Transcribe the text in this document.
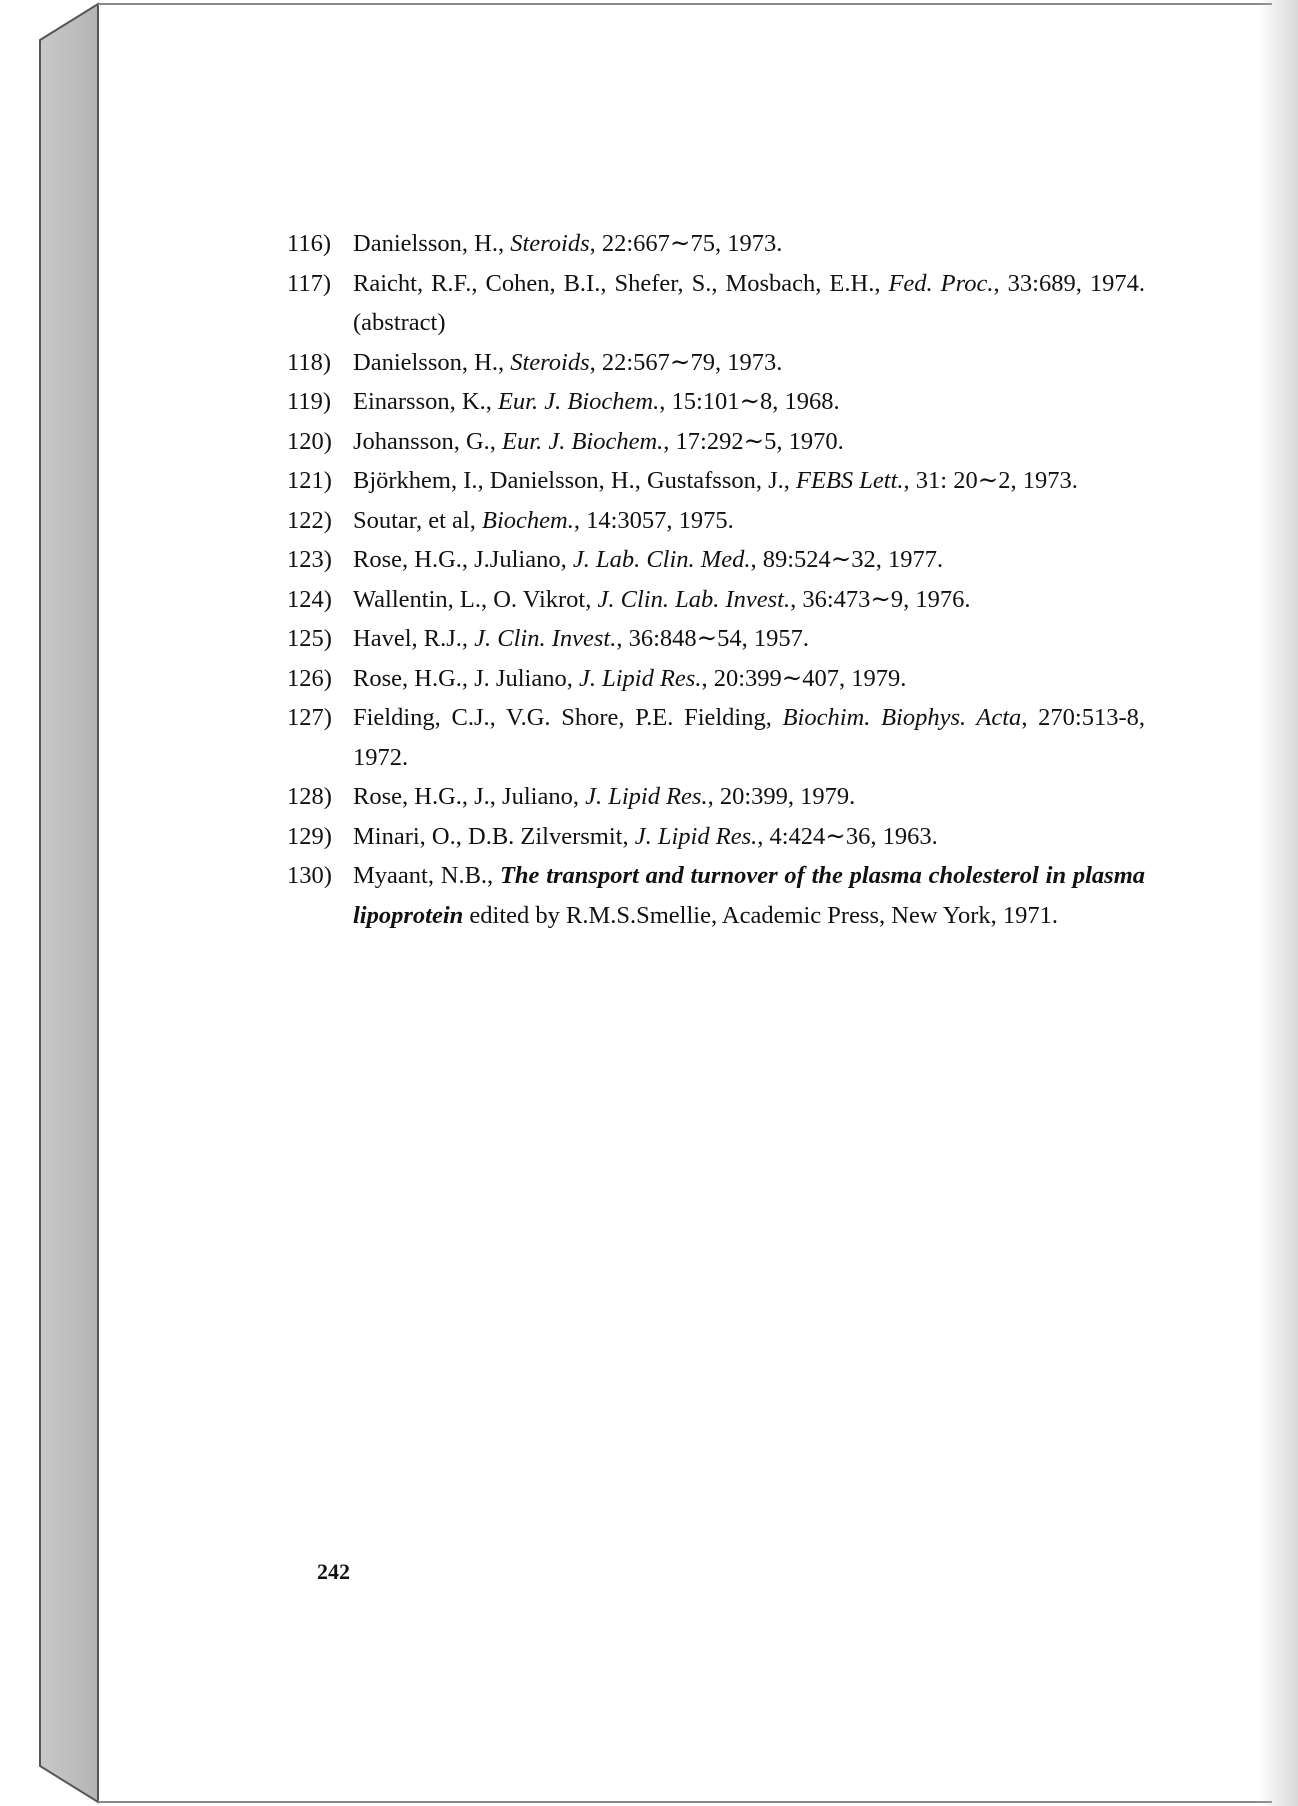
116) Danielsson, H., Steroids, 22:667∼75, 1973.
117) Raicht, R.F., Cohen, B.I., Shefer, S., Mosbach, E.H., Fed. Proc., 33:689, 1974. (abstract)
118) Danielsson, H., Steroids, 22:567∼79, 1973.
119) Einarsson, K., Eur. J. Biochem., 15:101∼8, 1968.
120) Johansson, G., Eur. J. Biochem., 17:292∼5, 1970.
121) Björkhem, I., Danielsson, H., Gustafsson, J., FEBS Lett., 31: 20∼2, 1973.
122) Soutar, et al, Biochem., 14:3057, 1975.
123) Rose, H.G., J.Juliano, J. Lab. Clin. Med., 89:524∼32, 1977.
124) Wallentin, L., O. Vikrot, J. Clin. Lab. Invest., 36:473∼9, 1976.
125) Havel, R.J., J. Clin. Invest., 36:848∼54, 1957.
126) Rose, H.G., J. Juliano, J. Lipid Res., 20:399∼407, 1979.
127) Fielding, C.J., V.G. Shore, P.E. Fielding, Biochim. Biophys. Acta, 270:513-8, 1972.
128) Rose, H.G., J., Juliano, J. Lipid Res., 20:399, 1979.
129) Minari, O., D.B. Zilversmit, J. Lipid Res., 4:424∼36, 1963.
130) Myaant, N.B., The transport and turnover of the plasma cholesterol in plasma lipoprotein edited by R.M.S.Smellie, Academic Press, New York, 1971.
242
